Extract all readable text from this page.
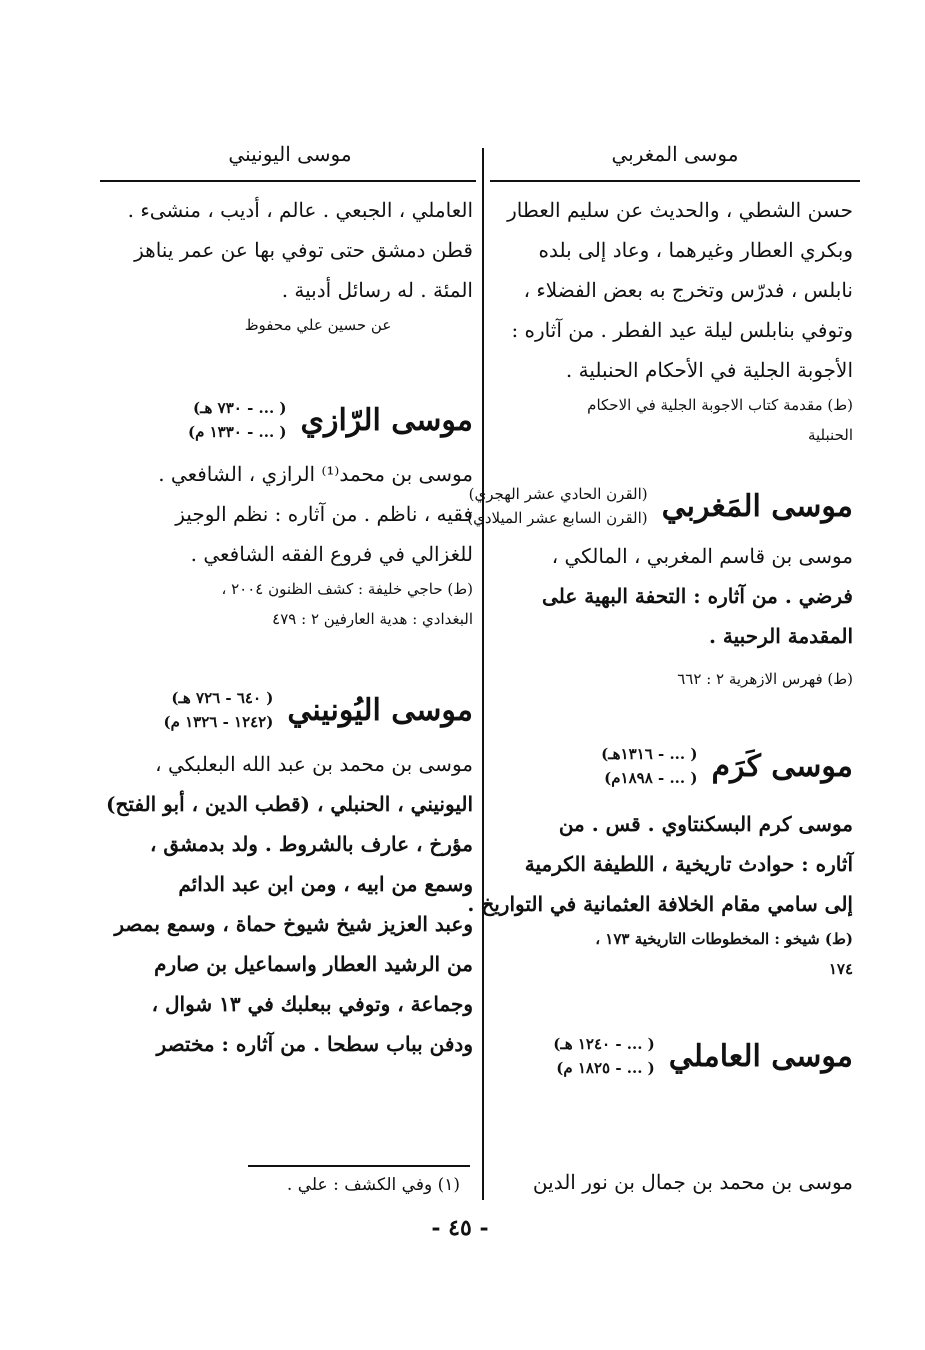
موسى المغربي
موسى اليونيني
حسن الشطي ، والحديث عن سليم العطار
وبكري العطار وغيرهما ، وعاد إلى بلده
نابلس ، فدرّس وتخرج به بعض الفضلاء ،
وتوفي بنابلس ليلة عيد الفطر . من آثاره :
الأجوبة الجلية في الأحكام الحنبلية .
(ط) مقدمة كتاب الاجوبة الجلية في الاحكام
الحنبلية
موسى المَغربي
(القرن الحادي عشر الهجري)
(القرن السابع عشر الميلادي)
موسى بن قاسم المغربي ، المالكي ،
فرضي . من آثاره : التحفة البهية على
المقدمة الرحبية .
(ط) فهرس الازهرية ٢ : ٦٦٢
موسى كَرَم
( ... - ١٣١٦هـ)
( ... - ١٨٩٨م)
موسى كرم البسكنتاوي . قس . من
آثاره : حوادث تاريخية ، اللطيفة الكرمية
إلى سامي مقام الخلافة العثمانية في التواريخ .
(ط) شيخو : المخطوطات التاريخية ١٧٣ ،
١٧٤
موسى العاملي
( ... - ١٢٤٠ هـ)
( ... - ١٨٢٥ م)
موسى بن محمد بن جمال بن نور الدين
العاملي ، الجبعي . عالم ، أديب ، منشىء .
قطن دمشق حتى توفي بها عن عمر يناهز
المئة . له رسائل أدبية .
عن حسين علي محفوظ
موسى الرّازي
( ... - ٧٣٠ هـ)
( ... - ١٣٣٠ م)
موسى بن محمد⁽¹⁾ الرازي ، الشافعي .
فقيه ، ناظم . من آثاره : نظم الوجيز
للغزالي في فروع الفقه الشافعي .
(ط) حاجي خليفة : كشف الظنون ٢٠٠٤ ،
البغدادي : هدية العارفين ٢ : ٤٧٩
موسى اليُونيني
( ٦٤٠ - ٧٢٦ هـ)
(١٢٤٢ - ١٣٢٦ م)
موسى بن محمد بن عبد الله البعلبكي ،
اليونيني ، الحنبلي ، (قطب الدين ، أبو الفتح)
مؤرخ ، عارف بالشروط . ولد بدمشق ،
وسمع من ابيه ، ومن ابن عبد الدائم
وعبد العزيز شيخ شيوخ حماة ، وسمع بمصر
من الرشيد العطار واسماعيل بن صارم
وجماعة ، وتوفي ببعلبك في ١٣ شوال ،
ودفن بباب سطحا . من آثاره : مختصر
(١) وفي الكشف : علي .
- ٤٥ -
